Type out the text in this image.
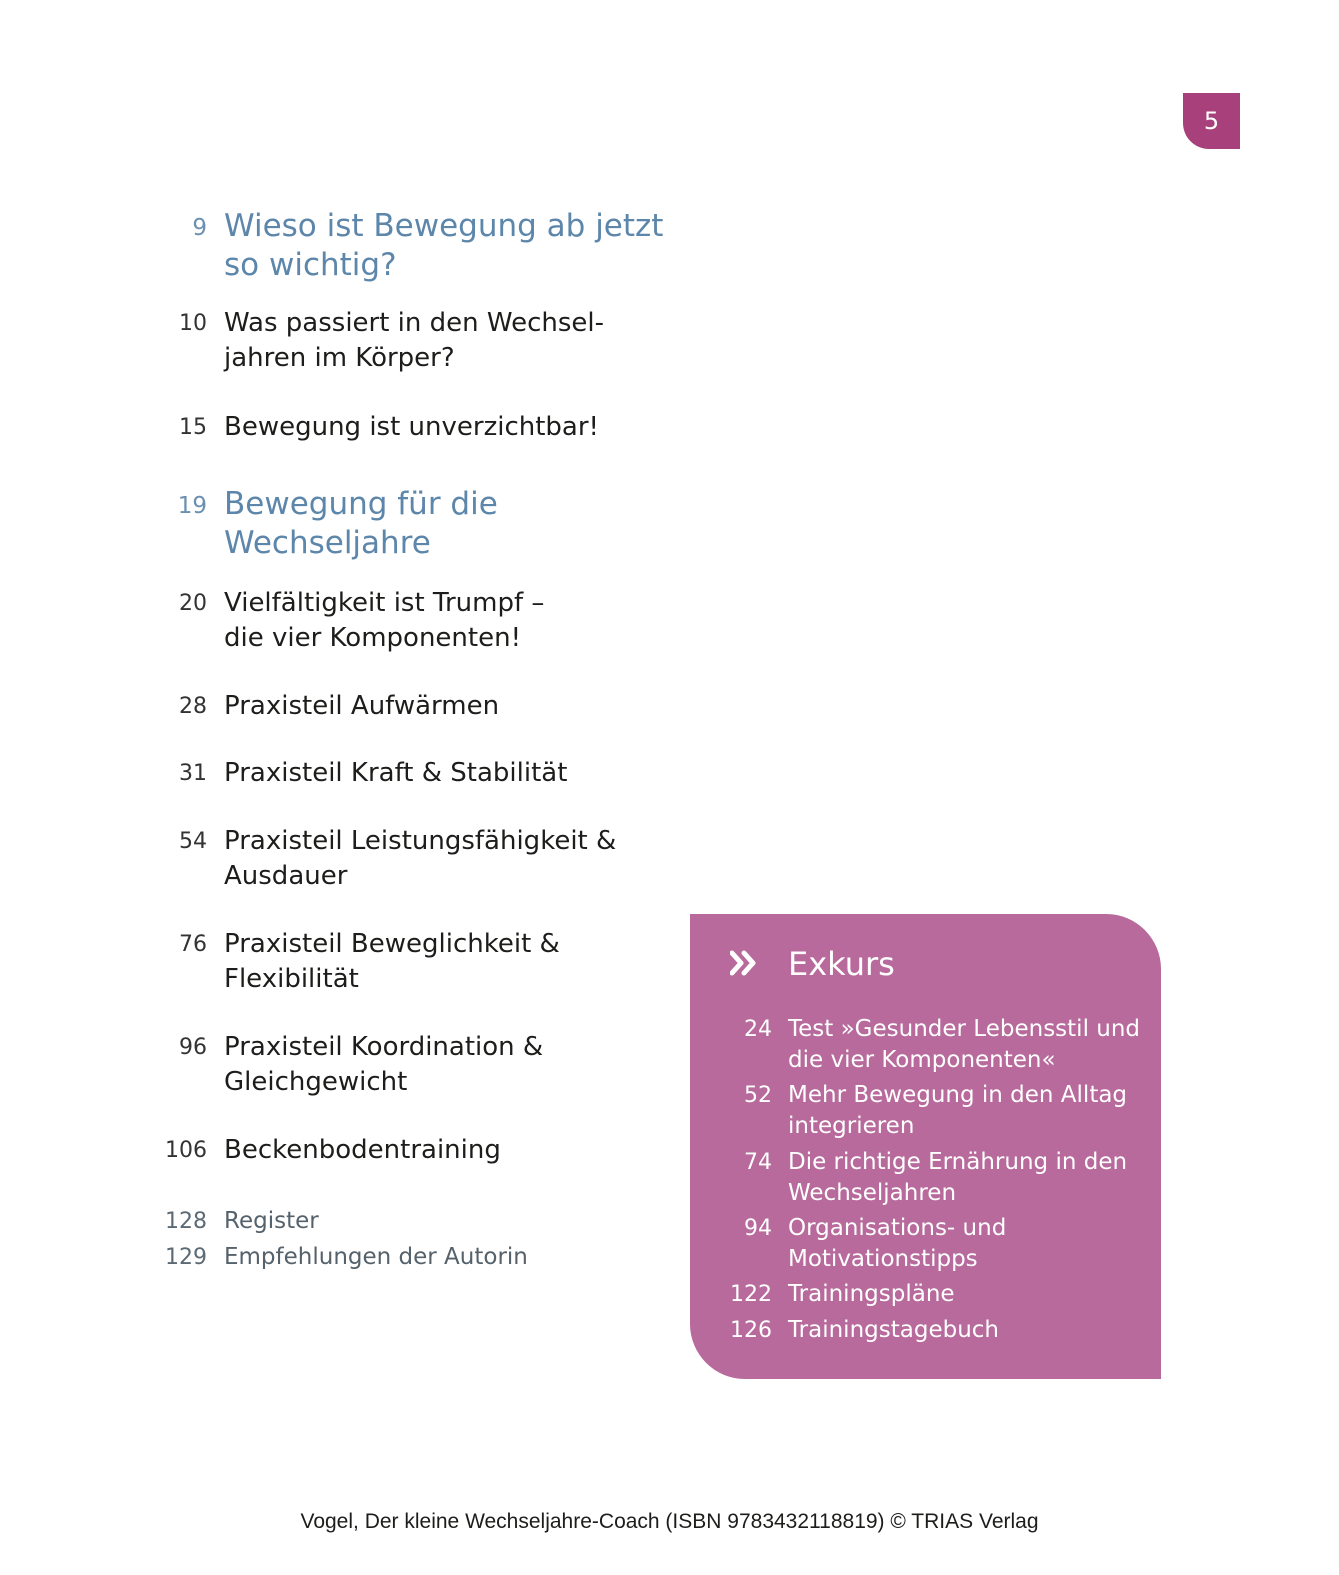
5
9 Wieso ist Bewegung ab jetzt
so wichtig?
10 Was passiert in den Wechsel-
jahren im Körper?
15 Bewegung ist unverzichtbar!
19 Bewegung für die
Wechseljahre
20 Vielfältigkeit ist Trumpf –
die vier Komponenten!
28 Praxisteil Aufwärmen
31 Praxisteil Kraft & Stabilität
54 Praxisteil Leistungsfähigkeit &
Ausdauer
76 Praxisteil Beweglichkeit &
Flexibilität
96 Praxisteil Koordination &
Gleichgewicht
106 Beckenbodentraining
128 Register
129 Empfehlungen der Autorin
Exkurs
24 Test »Gesunder Lebensstil und
die vier Komponenten«
52 Mehr Bewegung in den Alltag
integrieren
74 Die richtige Ernährung in den
Wechseljahren
94 Organisations- und
Motivationstipps
122 Trainingspläne
126 Trainingstagebuch
Vogel, Der kleine Wechseljahre-Coach (ISBN 9783432118819) © TRIAS Verlag
